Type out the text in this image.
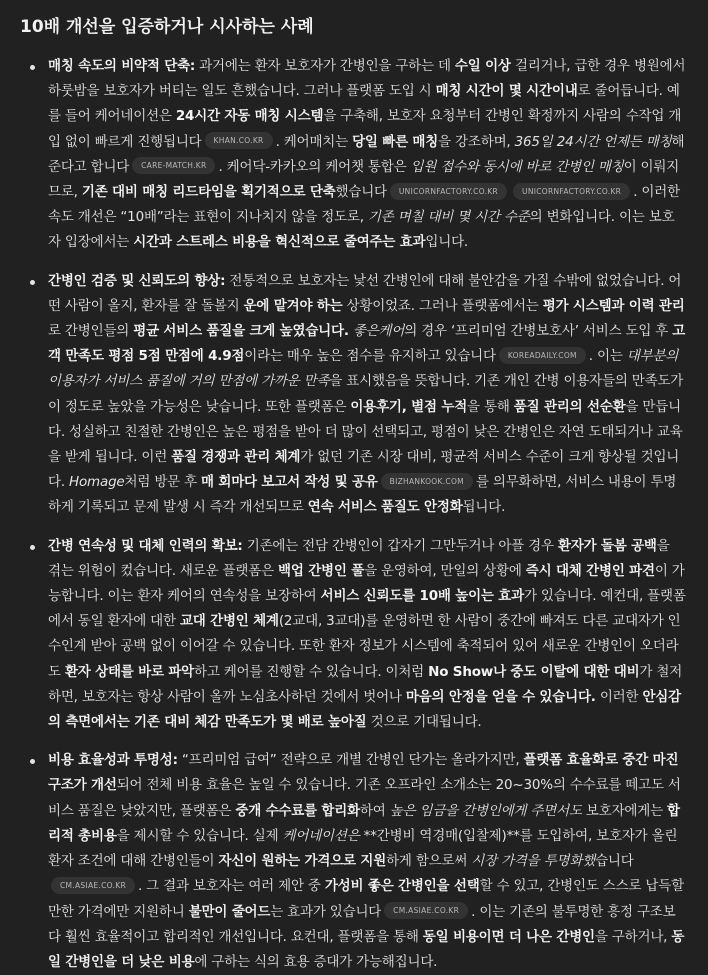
10배 개선을 입증하거나 시사하는 사례
매칭 속도의 비약적 단축: 과거에는 환자 보호자가 간병인을 구하는 데 수일 이상 걸리거나, 급한 경우 병원에서 하룻밤을 보호자가 버티는 일도 흔했습니다. 그러나 플랫폼 도입 시 매칭 시간이 몇 시간이내로 줄어듭니다. 예를 들어 케어네이션은 24시간 자동 매칭 시스템을 구축해, 보호자 요청부터 간병인 확정까지 사람의 수작업 개입 없이 빠르게 진행됩니다 KHAN.CO.KR . 케어매치는 당일 빠른 매칭을 강조하며, 365일 24시간 언제든 매칭해준다고 합니다 CARE-MATCH.KR . 케어닥-카카오의 케어챗 통합은 입원 접수와 동시에 바로 간병인 매칭이 이뤄지므로, 기존 대비 매칭 리드타임을 획기적으로 단축했습니다 UNICORNFACTORY.CO.KR	UNICORNFACTORY.CO.KR . 이러한 속도 개선은 “10배”라는 표현이 지나치지 않을 정도로, 기존 며칠 대비 몇 시간 수준의 변화입니다. 이는 보호자 입장에서는 시간과 스트레스 비용을 혁신적으로 줄여주는 효과입니다.
간병인 검증 및 신뢰도의 향상: 전통적으로 보호자는 낯선 간병인에 대해 불안감을 가질 수밖에 없었습니다. 어떤 사람이 올지, 환자를 잘 돌볼지 운에 맡겨야 하는 상황이었죠. 그러나 플랫폼에서는 평가 시스템과 이력 관리로 간병인들의 평균 서비스 품질을 크게 높였습니다. 좋은케어의 경우 ‘프리미엄 간병보호사’ 서비스 도입 후 고객 만족도 평점 5점 만점에 4.9점이라는 매우 높은 점수를 유지하고 있습니다 KOREADAILY.COM . 이는 대부분의 이용자가 서비스 품질에 거의 만점에 가까운 만족을 표시했음을 뜻합니다. 기존 개인 간병 이용자들의 만족도가 이 정도로 높았을 가능성은 낮습니다. 또한 플랫폼은 이용후기, 별점 누적을 통해 품질 관리의 선순환을 만듭니다. 성실하고 친절한 간병인은 높은 평점을 받아 더 많이 선택되고, 평점이 낮은 간병인은 자연 도태되거나 교육을 받게 됩니다. 이런 품질 경쟁과 관리 체계가 없던 기존 시장 대비, 평균적 서비스 수준이 크게 향상될 것입니다. Homage처럼 방문 후 매 회마다 보고서 작성 및 공유 BIZHANKOOK.COM 를 의무화하면, 서비스 내용이 투명하게 기록되고 문제 발생 시 즉각 개선되므로 연속 서비스 품질도 안정화됩니다.
간병 연속성 및 대체 인력의 확보: 기존에는 전담 간병인이 갑자기 그만두거나 아플 경우 환자가 돌봄 공백을 겪는 위험이 컸습니다. 새로운 플랫폼은 백업 간병인 풀을 운영하여, 만일의 상황에 즉시 대체 간병인 파견이 가능합니다. 이는 환자 케어의 연속성을 보장하여 서비스 신뢰도를 10배 높이는 효과가 있습니다. 예컨대, 플랫폼에서 동일 환자에 대한 교대 간병인 체계(2교대, 3교대)를 운영하면 한 사람이 중간에 빠져도 다른 교대자가 인수인계 받아 공백 없이 이어갈 수 있습니다. 또한 환자 정보가 시스템에 축적되어 있어 새로운 간병인이 오더라도 환자 상태를 바로 파악하고 케어를 진행할 수 있습니다. 이처럼 No Show나 중도 이탈에 대한 대비가 철저하면, 보호자는 항상 사람이 올까 노심초사하던 것에서 벗어나 마음의 안정을 얻을 수 있습니다. 이러한 안심감의 측면에서는 기존 대비 체감 만족도가 몇 배로 높아질 것으로 기대됩니다.
비용 효율성과 투명성: “프리미엄 급여” 전략으로 개별 간병인 단가는 올라가지만, 플랫폼 효율화로 중간 마진 구조가 개선되어 전체 비용 효율은 높일 수 있습니다. 기존 오프라인 소개소는 20~30%의 수수료를 떼고도 서비스 품질은 낮았지만, 플랫폼은 중개 수수료를 합리화하여 높은 임금을 간병인에게 주면서도 보호자에게는 합리적 총비용을 제시할 수 있습니다. 실제 케어네이션은 **간병비 역경매(입찰제)**를 도입하여, 보호자가 올린 환자 조건에 대해 간병인들이 자신이 원하는 가격으로 지원하게 함으로써 시장 가격을 투명화했습니다CM.ASIAE.CO.KR . 그 결과 보호자는 여러 제안 중 가성비 좋은 간병인을 선택할 수 있고, 간병인도 스스로 납득할 만한 가격에만 지원하니 불만이 줄어드는 효과가 있습니다 CM.ASIAE.CO.KR . 이는 기존의 불투명한 흥정 구조보다 훨씬 효율적이고 합리적인 개선입니다. 요컨대, 플랫폼을 통해 동일 비용이면 더 나은 간병인을 구하거나, 동일 간병인을 더 낮은 비용에 구하는 식의 효용 증대가 가능해집니다.
